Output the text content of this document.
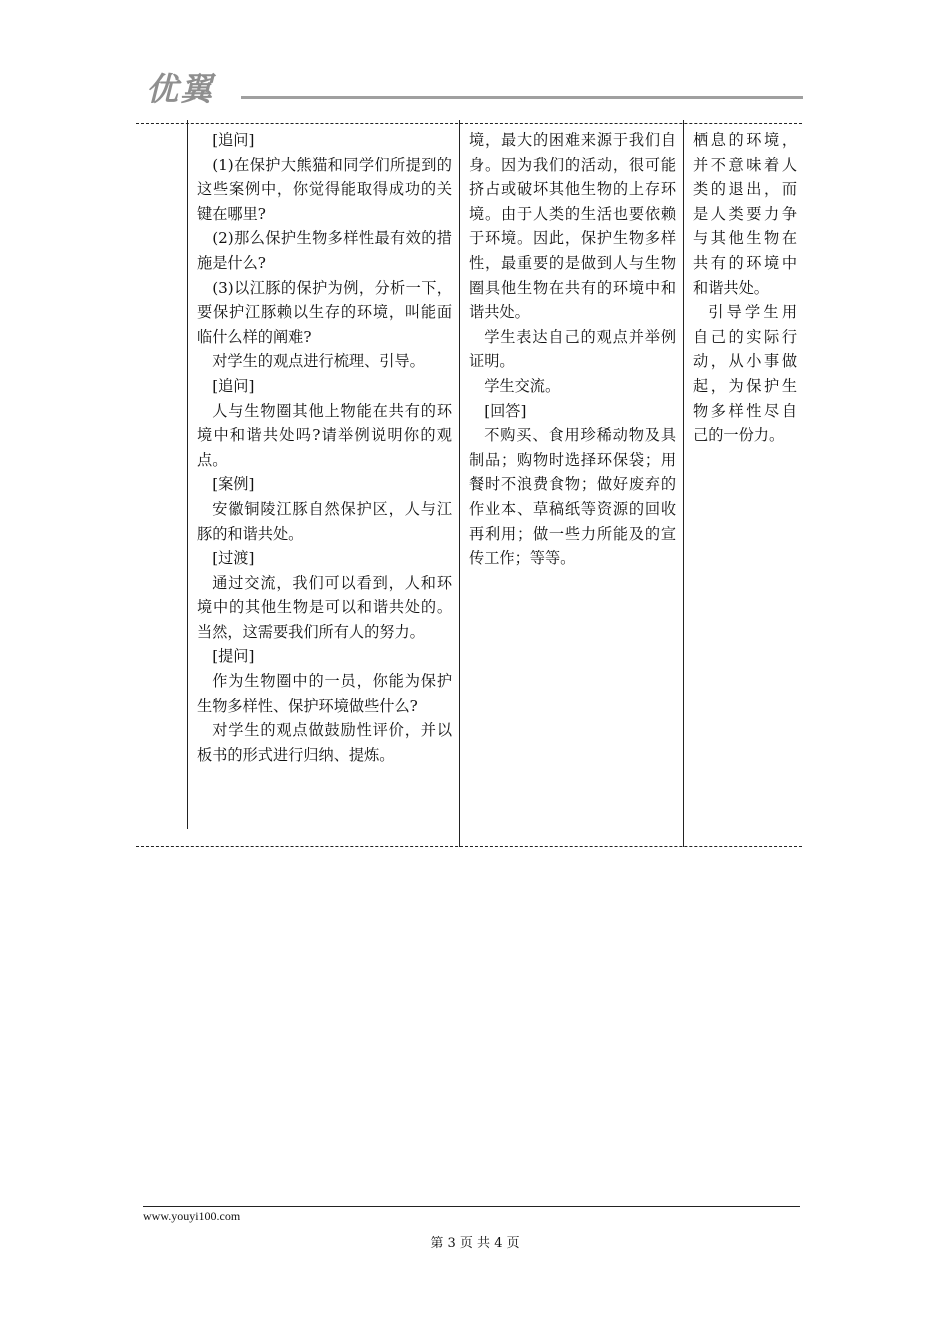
优翼

[追问]

(1)在保护大熊猫和同学们所提到的这些案例中，你觉得能取得成功的关键在哪里?

(2)那么保护生物多样性最有效的措施是什么?

(3)以江豚的保护为例，分析一下，要保护江豚赖以生存的环境，叫能面临什么样的阐难?

对学生的观点进行梳理、引导。

[追问]

人与生物圈其他上物能在共有的环境中和谐共处吗?请举例说明你的观点。

[案例]

安徽铜陵江豚自然保护区，人与江豚的和谐共处。

[过渡]

通过交流，我们可以看到，人和环境中的其他生物是可以和谐共处的。当然，这需要我们所有人的努力。

[提问]

作为生物圈中的一员，你能为保护生物多样性、保护环境做些什么?

对学生的观点做鼓励性评价，并以板书的形式进行归纳、提炼。

境，最大的困难来源于我们自身。因为我们的活动，很可能挤占或破坏其他生物的上存环境。由于人类的生活也要依赖于环境。因此，保护生物多样性，最重要的是做到人与生物圈具他生物在共有的环境中和谐共处。

学生表达自己的观点并举例证明。

学生交流。

[回答]

不购买、食用珍稀动物及具制品；购物时选择环保袋；用餐时不浪费食物；做好废弃的作业本、草稿纸等资源的回收再利用；做一些力所能及的宣传工作；等等。

栖息的环境，并不意味着人类的退出，而是人类要力争与其他生物在共有的环境中和谐共处。

引导学生用自己的实际行动，从小事做起，为保护生物多样性尽自己的一份力。

www.youyi100.com
第 3 页 共 4 页
